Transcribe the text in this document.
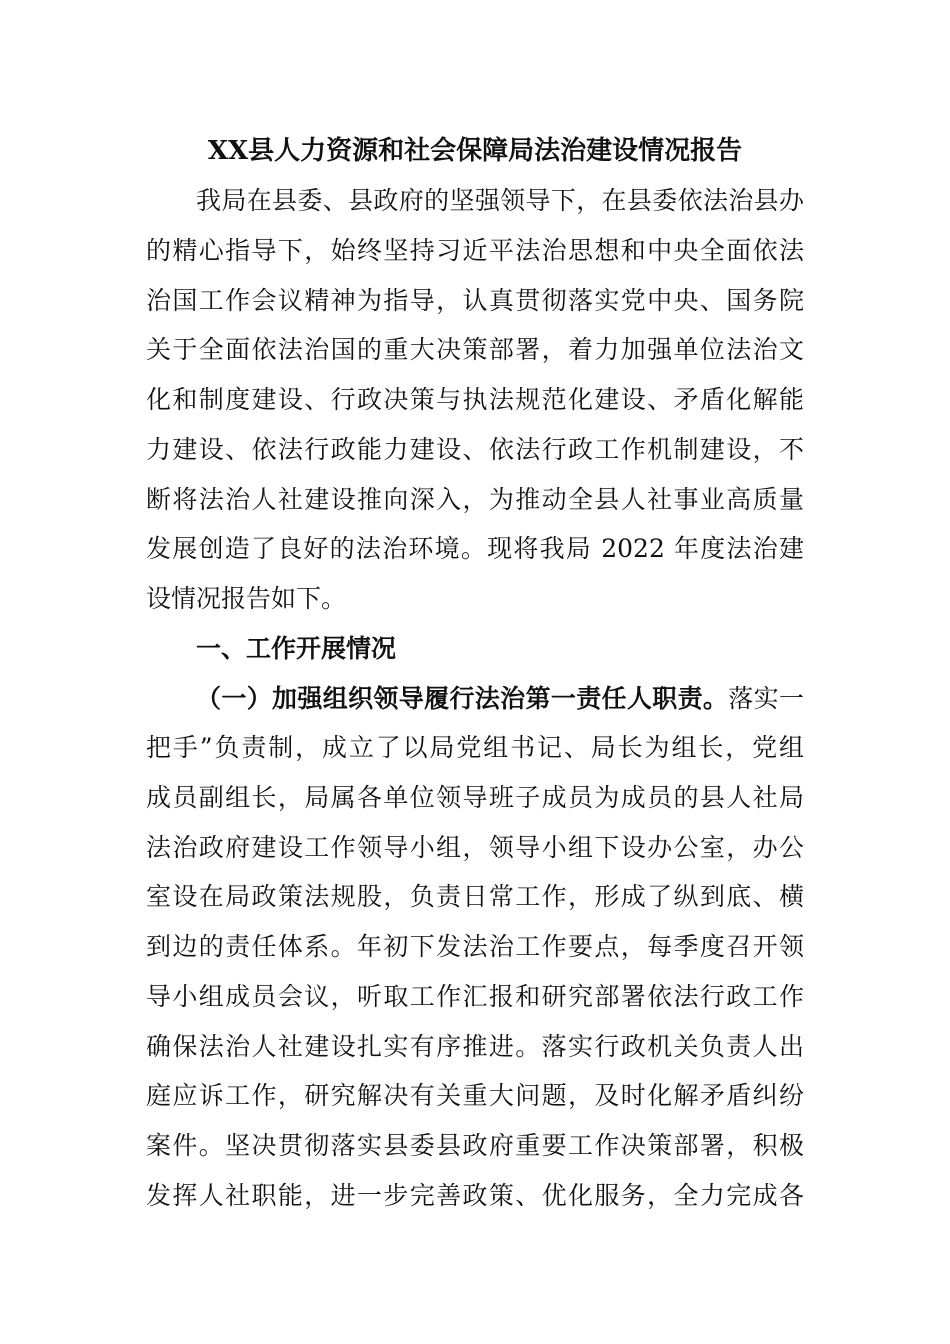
XX县人力资源和社会保障局法治建设情况报告
我局在县委、县政府的坚强领导下，在县委依法治县办
的精心指导下，始终坚持习近平法治思想和中央全面依法
治国工作会议精神为指导，认真贯彻落实党中央、国务院
关于全面依法治国的重大决策部署，着力加强单位法治文
化和制度建设、行政决策与执法规范化建设、矛盾化解能
力建设、依法行政能力建设、依法行政工作机制建设，不
断将法治人社建设推向深入，为推动全县人社事业高质量
发展创造了良好的法治环境。现将我局 2022 年度法治建
设情况报告如下。
一、工作开展情况
（一）加强组织领导履行法治第一责任人职责。落实一
把手”负责制，成立了以局党组书记、局长为组长，党组
成员副组长，局属各单位领导班子成员为成员的县人社局
法治政府建设工作领导小组，领导小组下设办公室，办公
室设在局政策法规股，负责日常工作，形成了纵到底、横
到边的责任体系。年初下发法治工作要点，每季度召开领
导小组成员会议，听取工作汇报和研究部署依法行政工作
确保法治人社建设扎实有序推进。落实行政机关负责人出
庭应诉工作，研究解决有关重大问题，及时化解矛盾纠纷
案件。坚决贯彻落实县委县政府重要工作决策部署，积极
发挥人社职能，进一步完善政策、优化服务，全力完成各
